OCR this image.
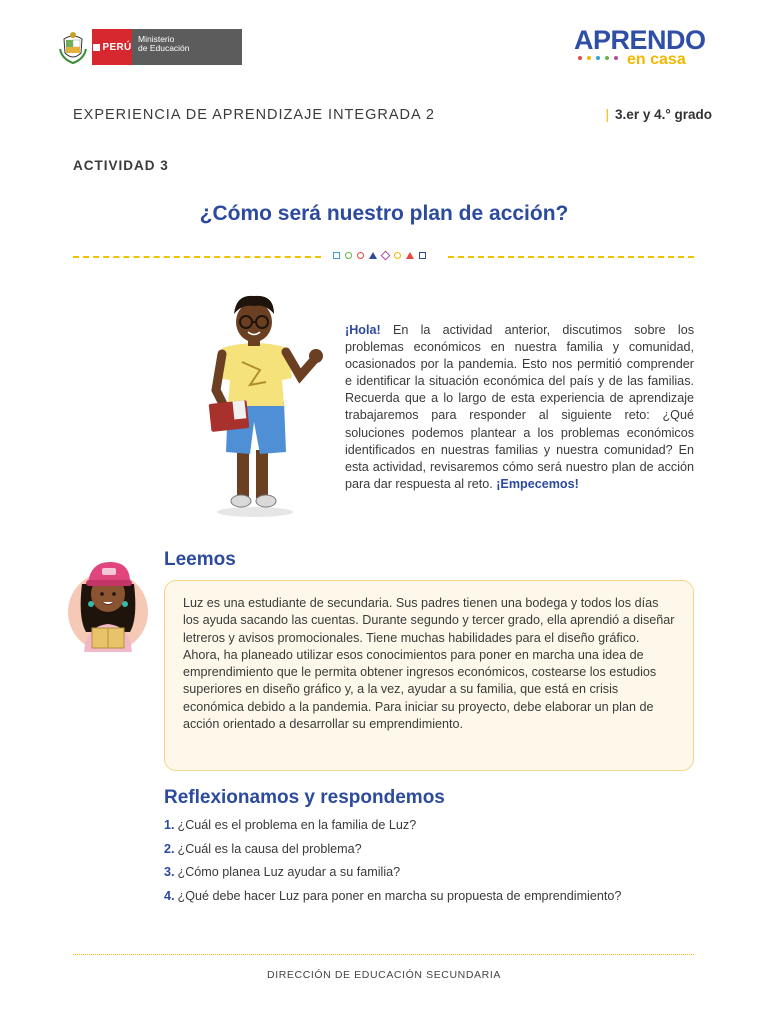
PERÚ
Ministerio
de Educación	APRENDO
en casa
EXPERIENCIA DE APRENDIZAJE INTEGRADA 2	| 3.er y 4.° grado
ACTIVIDAD 3
¿Cómo será nuestro plan de acción?
¡Hola! En la actividad anterior, discutimos sobre los problemas económicos en nuestra familia y comunidad, ocasionados por la pandemia. Esto nos permitió comprender e identificar la situación económica del país y de las familias. Recuerda que a lo largo de esta experiencia de aprendizaje trabajaremos para responder al siguiente reto: ¿Qué soluciones podemos plantear a los problemas económicos identificados en nuestras familias y nuestra comunidad? En esta actividad, revisaremos cómo será nuestro plan de acción para dar respuesta al reto. ¡Empecemos!
Leemos

Luz es una estudiante de secundaria. Sus padres tienen una bodega y todos los días los ayuda sacando las cuentas. Durante segundo y tercer grado, ella aprendió a diseñar letreros y avisos promocionales. Tiene muchas habilidades para el diseño gráfico. Ahora, ha planeado utilizar esos conocimientos para poner en marcha una idea de emprendimiento que le permita obtener ingresos económicos, costearse los estudios superiores en diseño gráfico y, a la vez, ayudar a su familia, que está en crisis económica debido a la pandemia. Para iniciar su proyecto, debe elaborar un plan de acción orientado a desarrollar su emprendimiento.

Reflexionamos y respondemos
1. ¿Cuál es el problema en la familia de Luz?
2. ¿Cuál es la causa del problema?
3. ¿Cómo planea Luz ayudar a su familia?
4. ¿Qué debe hacer Luz para poner en marcha su propuesta de emprendimiento?
DIRECCIÓN DE EDUCACIÓN SECUNDARIA
